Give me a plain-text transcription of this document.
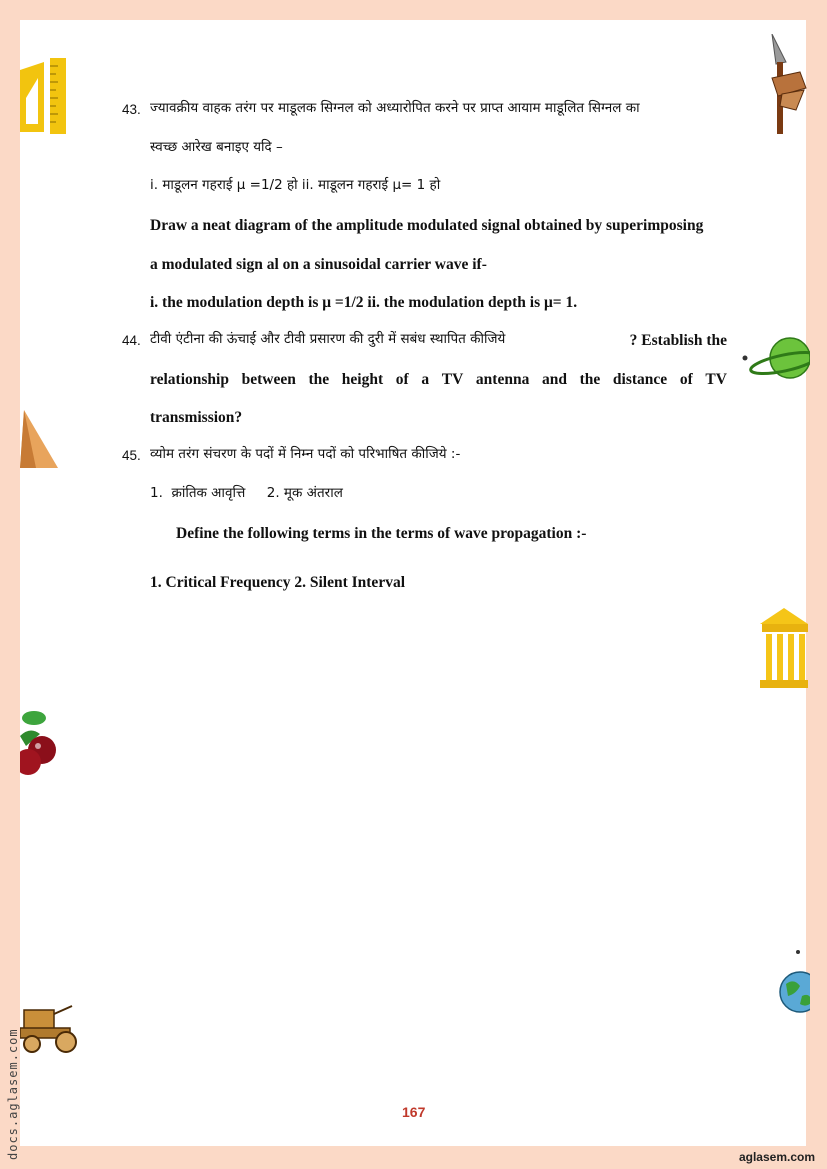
43. ज्यावक्रीय वाहक तरंग पर माडूलक सिग्नल को अध्यारोपित करने पर प्राप्त आयाम माडूलित सिग्नल का
स्वच्छ आरेख बनाइए यदि –
i. माडूलन गहराई μ =1/2 हो ii. माडूलन गहराई μ= 1 हो
Draw a neat diagram of the amplitude modulated signal obtained by superimposing
a modulated sign al on a sinusoidal carrier wave if-
i. the modulation depth is μ =1/2 ii. the modulation depth is μ= 1.
44. टीवी एंटीना की ऊंचाई और टीवी प्रसारण की दुरी में सबंध स्थापित कीजिये	? Establish the
relationship between the height of a TV antenna and the distance of TV
transmission?
45. व्योम तरंग संचरण के पदों में निम्न पदों को परिभाषित कीजिये :-
1.  क्रांतिक आवृत्ति     2. मूक अंतराल
Define the following terms in the terms of wave propagation :-
1. Critical Frequency 2. Silent Interval
167
aglasem.com
docs.aglasem.com
